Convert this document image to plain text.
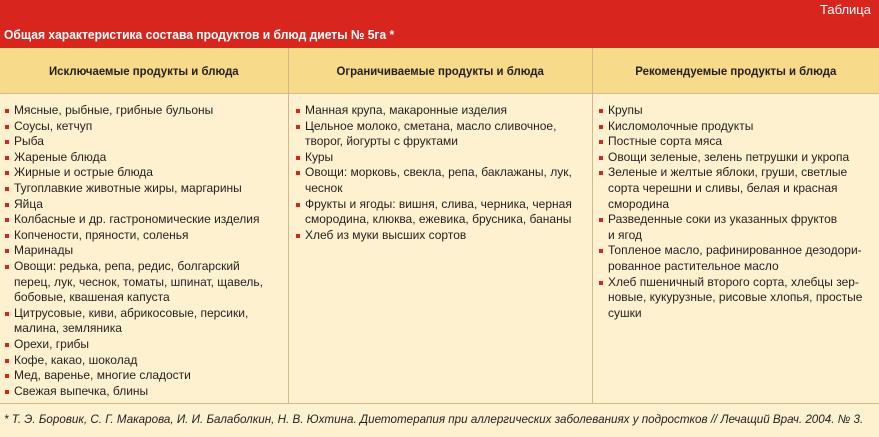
Таблица
Общая характеристика состава продуктов и блюд диеты № 5га *
Исключаемые продукты и блюда	Ограничиваемые продукты и блюда	Рекомендуемые продукты и блюда
Мясные, рыбные, грибные бульоны
Соусы, кетчуп
Рыба
Жареные блюда
Жирные и острые блюда
Тугоплавкие животные жиры, маргарины
Яйца
Колбасные и др. гастрономические изделия
Копчености, пряности, соленья
Маринады
Овощи: редька, репа, редис, болгарский
перец, лук, чеснок, томаты, шпинат, щавель,
бобовые, квашеная капуста
Цитрусовые, киви, абрикосовые, персики,
малина, земляника
Орехи, грибы
Кофе, какао, шоколад
Мед, варенье, многие сладости
Свежая выпечка, блины
Манная крупа, макаронные изделия
Цельное молоко, сметана, масло сливочное,
творог, йогурты с фруктами
Куры
Овощи: морковь, свекла, репа, баклажаны, лук,
чеснок
Фрукты и ягоды: вишня, слива, черника, черная
смородина, клюква, ежевика, брусника, бананы
Хлеб из муки высших сортов
Крупы
Кисломолочные продукты
Постные сорта мяса
Овощи зеленые, зелень петрушки и укропа
Зеленые и желтые яблоки, груши, светлые
сорта черешни и сливы, белая и красная
смородина
Разведенные соки из указанных фруктов
и ягод
Топленое масло, рафинированное дезодори-
рованное растительное масло
Хлеб пшеничный второго сорта, хлебцы зер-
новые, кукурузные, рисовые хлопья, простые
сушки
* Т. Э. Боровик, С. Г. Макарова, И. И. Балаболкин, Н. В. Юхтина. Диетотерапия при аллергических заболеваниях у подростков // Лечащий Врач. 2004. № 3.
